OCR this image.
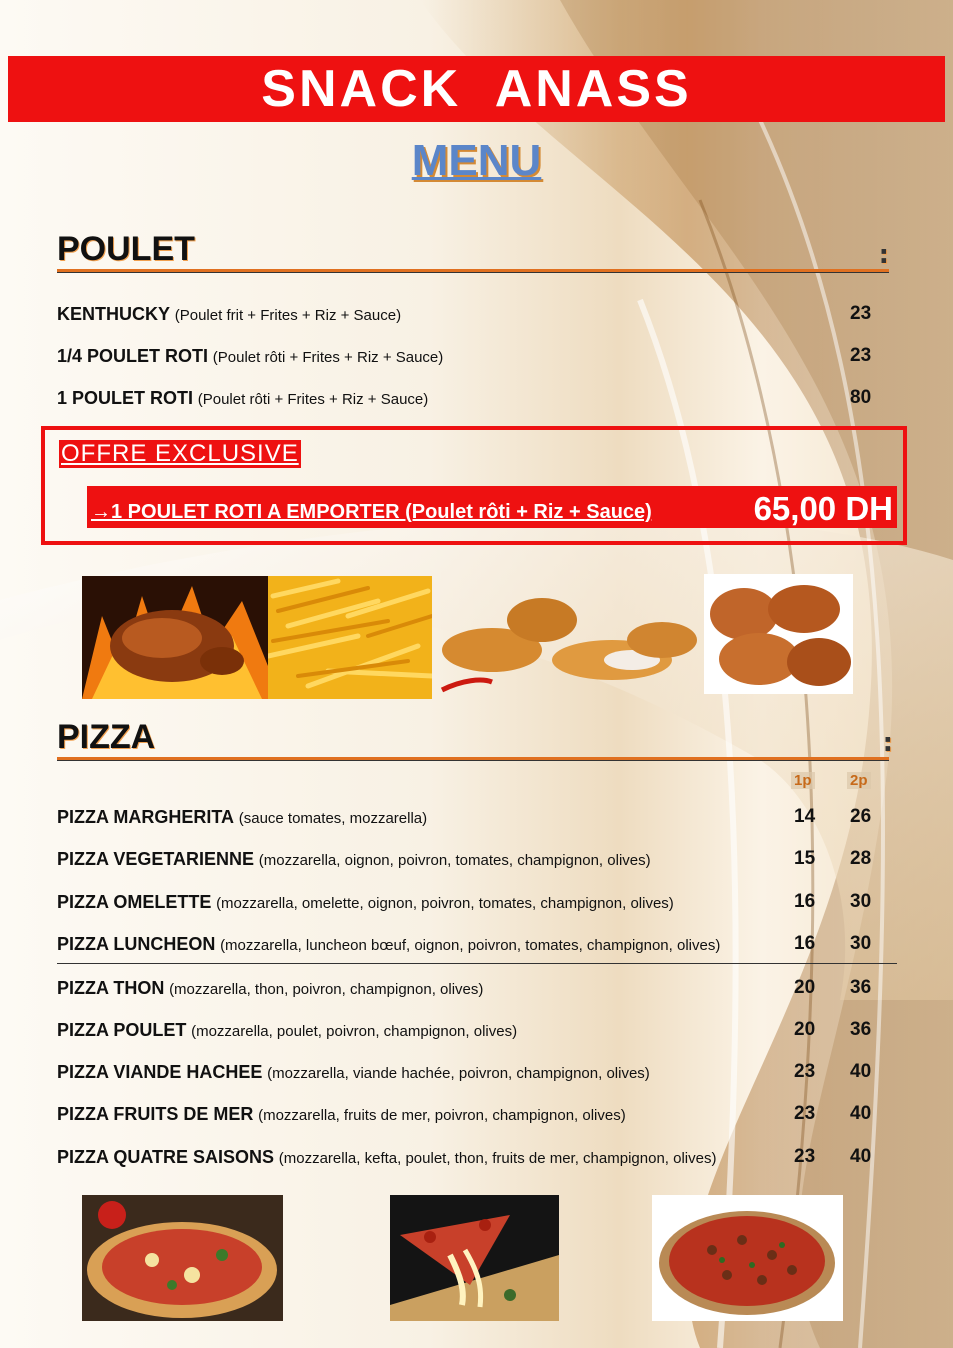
SNACK ANASS
MENU
POULET	:
KENTHUCKY (Poulet frit + Frites + Riz + Sauce)	23
1/4 POULET ROTI (Poulet rôti + Frites + Riz + Sauce)	23
1 POULET ROTI (Poulet rôti + Frites + Riz + Sauce)	80
OFFRE EXCLUSIVE
→1 POULET ROTI A EMPORTER (Poulet rôti + Riz + Sauce)	65,00 DH
PIZZA	:
1p	2p
PIZZA MARGHERITA (sauce tomates, mozzarella)	14 26
PIZZA VEGETARIENNE (mozzarella, oignon, poivron, tomates, champignon, olives)	15 28
PIZZA OMELETTE (mozzarella, omelette, oignon, poivron, tomates, champignon, olives)	16 30
PIZZA LUNCHEON (mozzarella, luncheon bœuf, oignon, poivron, tomates, champignon, olives)	16 30
PIZZA THON (mozzarella, thon, poivron, champignon, olives)	20 36
PIZZA POULET (mozzarella, poulet, poivron, champignon, olives)	20 36
PIZZA VIANDE HACHEE (mozzarella, viande hachée, poivron, champignon, olives)	23 40
PIZZA FRUITS DE MER (mozzarella, fruits de mer, poivron, champignon, olives)	23 40
PIZZA QUATRE SAISONS (mozzarella, kefta, poulet, thon, fruits de mer, champignon, olives)	23 40
